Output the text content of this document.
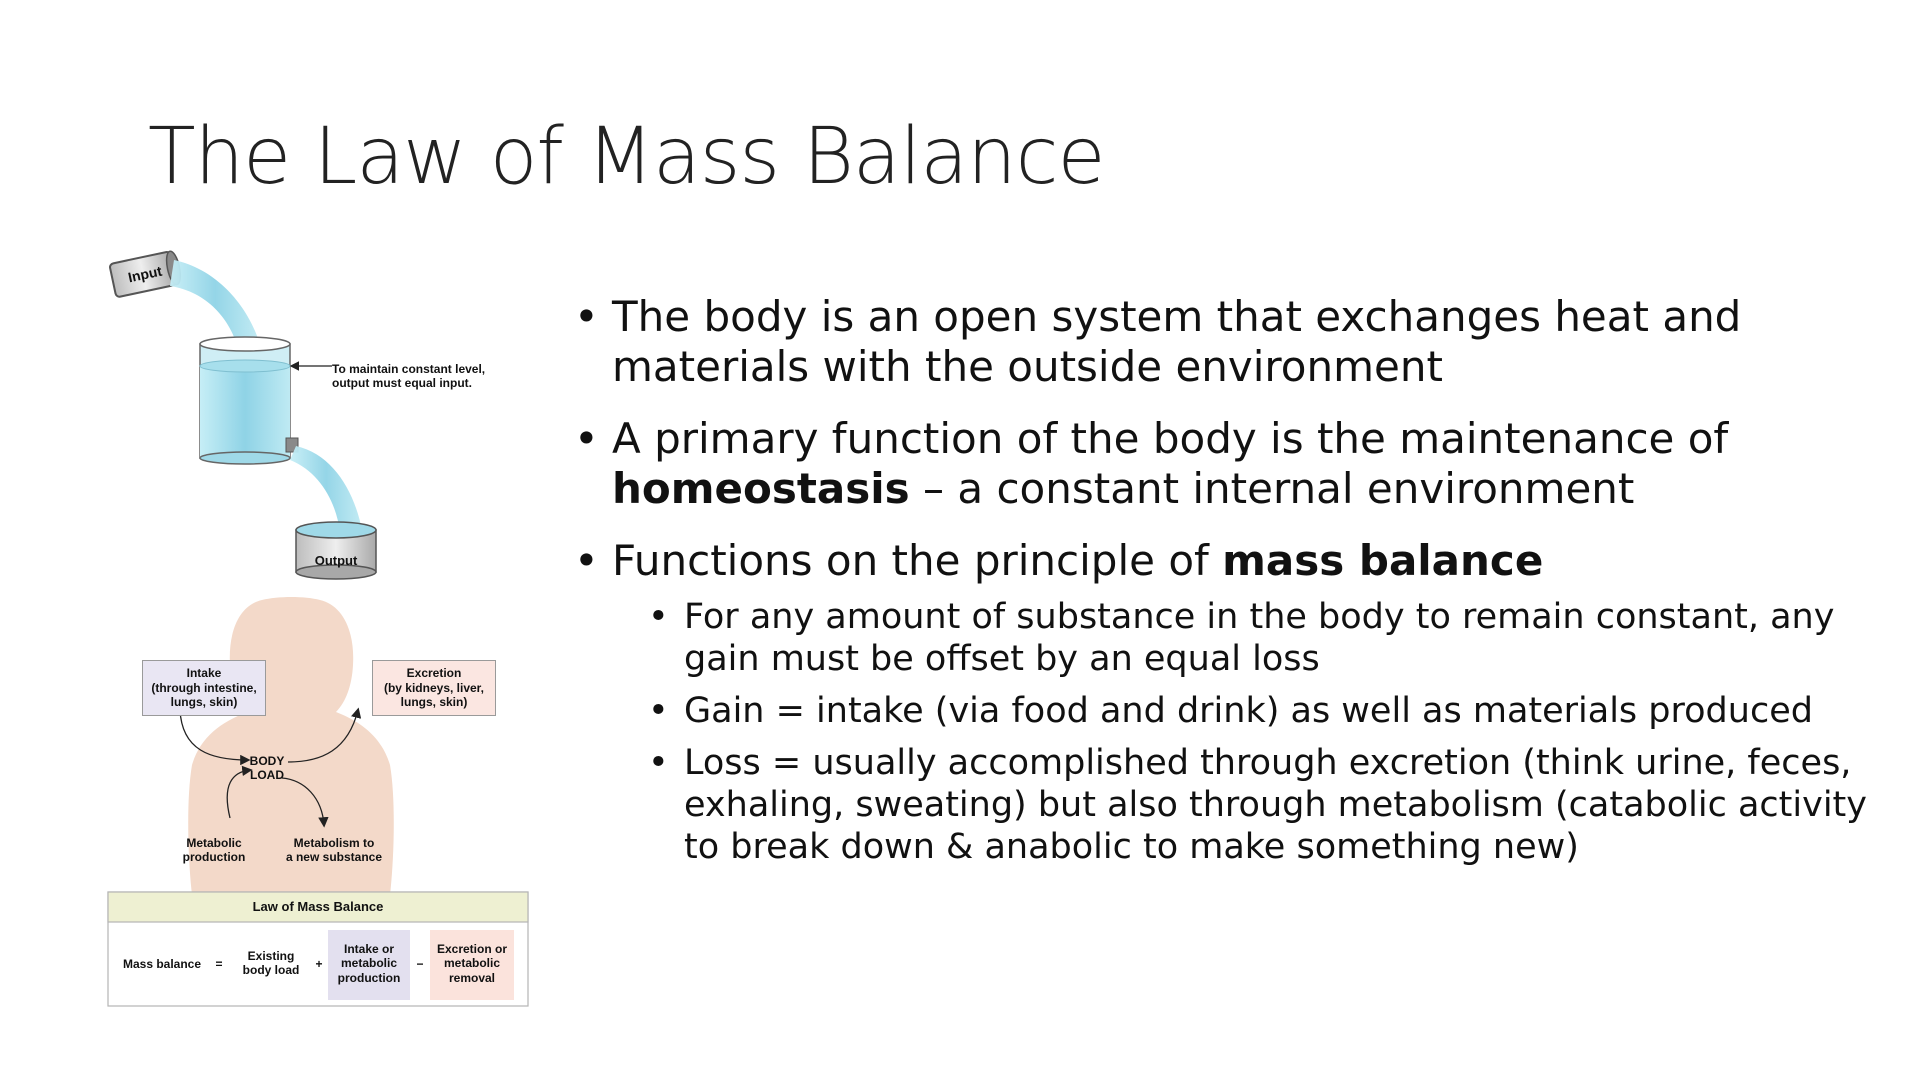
The Law of Mass Balance
Input
To maintain constant level,
output must equal input.
Output
Intake
(through intestine,
lungs, skin)
Excretion
(by kidneys, liver,
lungs, skin)
BODY
LOAD
Metabolic
production
Metabolism to
a new substance
Law of Mass Balance
Mass balance	=
Existing
body load	+
Intake or
metabolic
production
−
Excretion or
metabolic
removal
• The body is an open system that exchanges heat and materials with the outside environment
• A primary function of the body is the maintenance of homeostasis – a constant internal environment
• Functions on the principle of mass balance
• For any amount of substance in the body to remain constant, any gain must be offset by an equal loss
• Gain = intake (via food and drink) as well as materials produced
• Loss = usually accomplished through excretion (think urine, feces, exhaling, sweating) but also through metabolism (catabolic activity to break down & anabolic to make something new)
